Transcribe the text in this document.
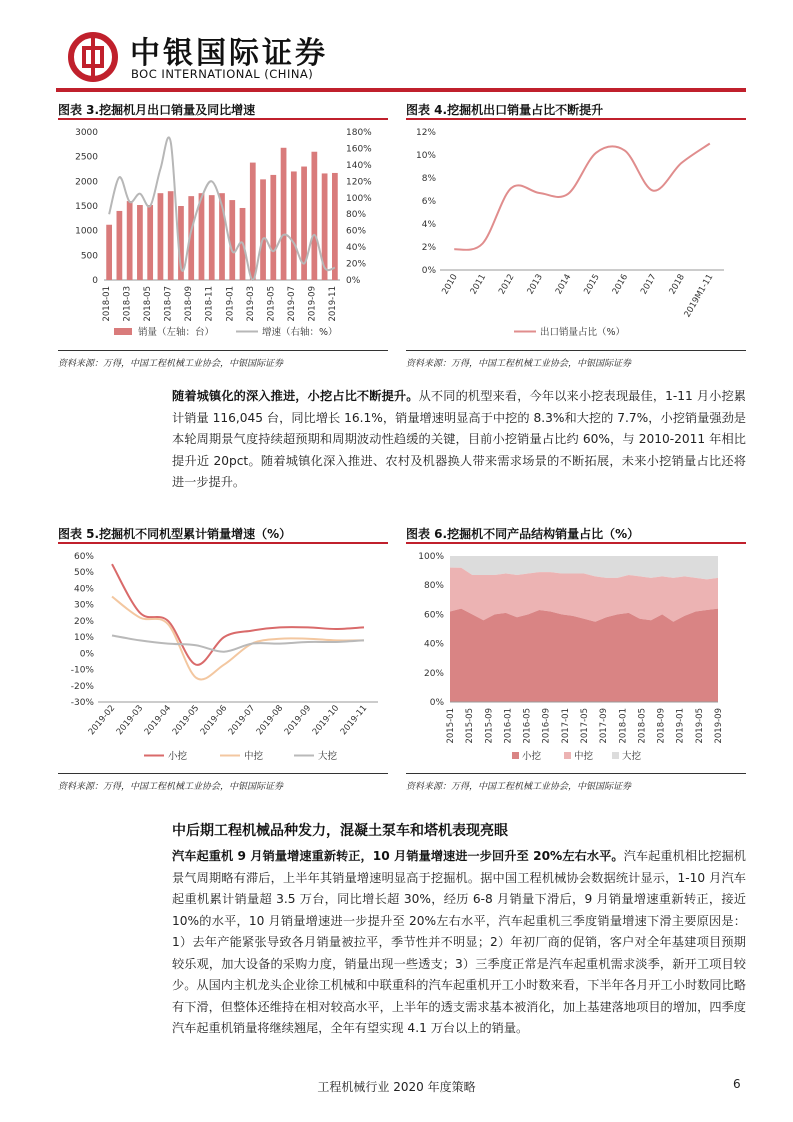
中银国际证券
BOC INTERNATIONAL (CHINA)
图表 3.挖掘机月出口销量及同比增速	图表 4.挖掘机出口销量占比不断提升
0
500
1000
1500
2000
2500
3000
0%
20%
40%
60%
80%
100%
120%
140%
160%
180%
2018-01 2018-03 2018-05 2018-07 2018-09 2018-11 2019-01 2019-03 2019-05 2019-07 2019-09 2019-11
销量（左轴：台）	增速（右轴：%）
0%
2%
4%
6%
8%
10%
12%
2010 2011 2012 2013 2014 2015 2016 2017 2018
2019M1-11
出口销量占比（%）
资料来源：万得，中国工程机械工业协会，中银国际证券	资料来源：万得，中国工程机械工业协会，中银国际证券
随着城镇化的深入推进，小挖占比不断提升。从不同的机型来看，今年以来小挖表现最佳，1-11 月小挖累计销量 116,045 台，同比增长 16.1%，销量增速明显高于中挖的 8.3%和大挖的 7.7%，小挖销量强劲是本轮周期景气度持续超预期和周期波动性趋缓的关键，目前小挖销量占比约 60%，与 2010-2011 年相比提升近 20pct。随着城镇化深入推进、农村及机器换人带来需求场景的不断拓展，未来小挖销量占比还将进一步提升。
图表 5.挖掘机不同机型累计销量增速（%）	图表 6.挖掘机不同产品结构销量占比（%）
-30%
-20%
-10%
0%
10%
20%
30%
40%
50%
60%
2019-02
2019-03
2019-04
2019-05
2019-06
2019-07
2019-08
2019-09
2019-10
2019-11
小挖	中挖	大挖
0%
20%
40%
60%
80%
100%
2015-01 2015-05 2015-09 2016-01 2016-05 2016-09 2017-01 2017-05 2017-09 2018-01 2018-05 2018-09 2019-01 2019-05 2019-09
小挖	中挖	大挖
资料来源：万得，中国工程机械工业协会，中银国际证券	资料来源：万得，中国工程机械工业协会，中银国际证券
中后期工程机械品种发力，混凝土泵车和塔机表现亮眼
汽车起重机 9 月销量增速重新转正，10 月销量增速进一步回升至 20%左右水平。汽车起重机相比挖掘机景气周期略有滞后，上半年其销量增速明显高于挖掘机。据中国工程机械协会数据统计显示，1-10 月汽车起重机累计销量超 3.5 万台，同比增长超 30%，经历 6-8 月销量下滑后，9 月销量增速重新转正，接近 10%的水平，10 月销量增速进一步提升至 20%左右水平，汽车起重机三季度销量增速下滑主要原因是：1）去年产能紧张导致各月销量被拉平，季节性并不明显；2）年初厂商的促销，客户对全年基建项目预期较乐观，加大设备的采购力度，销量出现一些透支；3）三季度正常是汽车起重机需求淡季，新开工项目较少。从国内主机龙头企业徐工机械和中联重科的汽车起重机开工小时数来看，下半年各月开工小时数同比略有下滑，但整体还维持在相对较高水平，上半年的透支需求基本被消化，加上基建落地项目的增加，四季度汽车起重机销量将继续翘尾，全年有望实现 4.1 万台以上的销量。
工程机械行业 2020 年度策略	6
